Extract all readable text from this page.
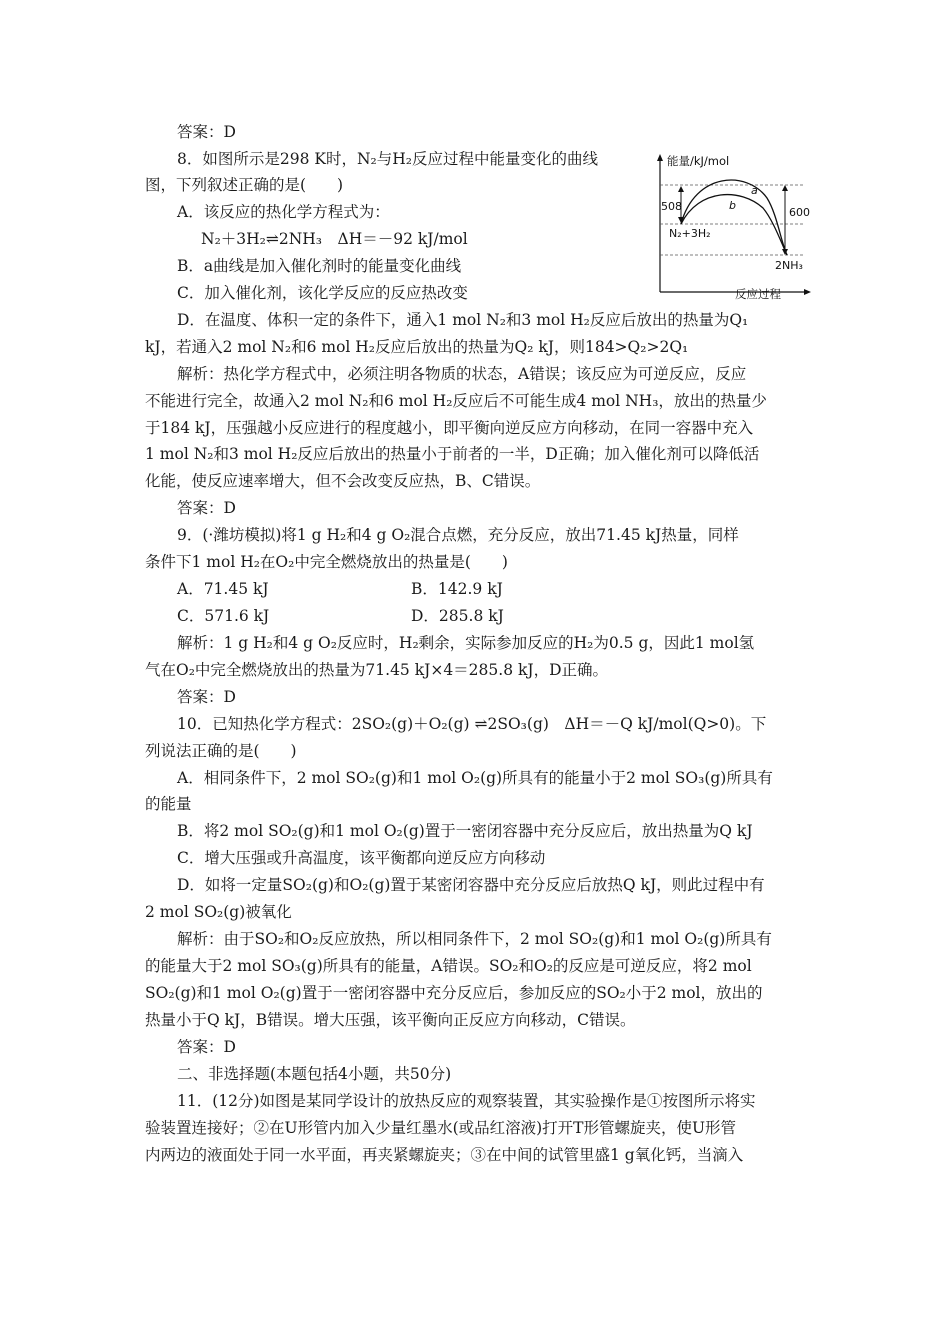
答案：D
8．如图所示是298 K时，N₂与H₂反应过程中能量变化的曲线
图，下列叙述正确的是(　　)
A．该反应的热化学方程式为：
N₂＋3H₂⇌2NH₃　ΔH＝－92 kJ/mol
B．a曲线是加入催化剂时的能量变化曲线
C．加入催化剂，该化学反应的反应热改变
D．在温度、体积一定的条件下，通入1 mol N₂和3 mol H₂反应后放出的热量为Q₁
kJ，若通入2 mol N₂和6 mol H₂反应后放出的热量为Q₂ kJ，则184>Q₂>2Q₁
解析：热化学方程式中，必须注明各物质的状态，A错误；该反应为可逆反应，反应
不能进行完全，故通入2 mol N₂和6 mol H₂反应后不可能生成4 mol NH₃，放出的热量少
于184 kJ，压强越小反应进行的程度越小，即平衡向逆反应方向移动，在同一容器中充入
1 mol N₂和3 mol H₂反应后放出的热量小于前者的一半，D正确；加入催化剂可以降低活
化能，使反应速率增大，但不会改变反应热，B、C错误。
答案：D
9．(·潍坊模拟)将1 g H₂和4 g O₂混合点燃，充分反应，放出71.45 kJ热量，同样
条件下1 mol H₂在O₂中完全燃烧放出的热量是(　　)
A．71.45 kJ	B．142.9 kJ
C．571.6 kJ	D．285.8 kJ
解析：1 g H₂和4 g O₂反应时，H₂剩余，实际参加反应的H₂为0.5 g，因此1 mol氢
气在O₂中完全燃烧放出的热量为71.45 kJ×4＝285.8 kJ，D正确。
答案：D
10．已知热化学方程式：2SO₂(g)＋O₂(g) ⇌2SO₃(g)　ΔH＝－Q kJ/mol(Q>0)。下
列说法正确的是(　　)
A．相同条件下，2 mol SO₂(g)和1 mol O₂(g)所具有的能量小于2 mol SO₃(g)所具有
的能量
B．将2 mol SO₂(g)和1 mol O₂(g)置于一密闭容器中充分反应后，放出热量为Q kJ
C．增大压强或升高温度，该平衡都向逆反应方向移动
D．如将一定量SO₂(g)和O₂(g)置于某密闭容器中充分反应后放热Q kJ，则此过程中有
2 mol SO₂(g)被氧化
解析：由于SO₂和O₂反应放热，所以相同条件下，2 mol SO₂(g)和1 mol O₂(g)所具有
的能量大于2 mol SO₃(g)所具有的能量，A错误。SO₂和O₂的反应是可逆反应，将2 mol
SO₂(g)和1 mol O₂(g)置于一密闭容器中充分反应后，参加反应的SO₂小于2 mol，放出的
热量小于Q kJ，B错误。增大压强，该平衡向正反应方向移动，C错误。
答案：D
二、非选择题(本题包括4小题，共50分)
11．(12分)如图是某同学设计的放热反应的观察装置，其实验操作是①按图所示将实
验装置连接好；②在U形管内加入少量红墨水(或品红溶液)打开T形管螺旋夹，使U形管
内两边的液面处于同一水平面，再夹紧螺旋夹；③在中间的试管里盛1 g氧化钙，当滴入
能量/kJ/mol
反应过程
508	600
a
b
N₂+3H₂
2NH₃
